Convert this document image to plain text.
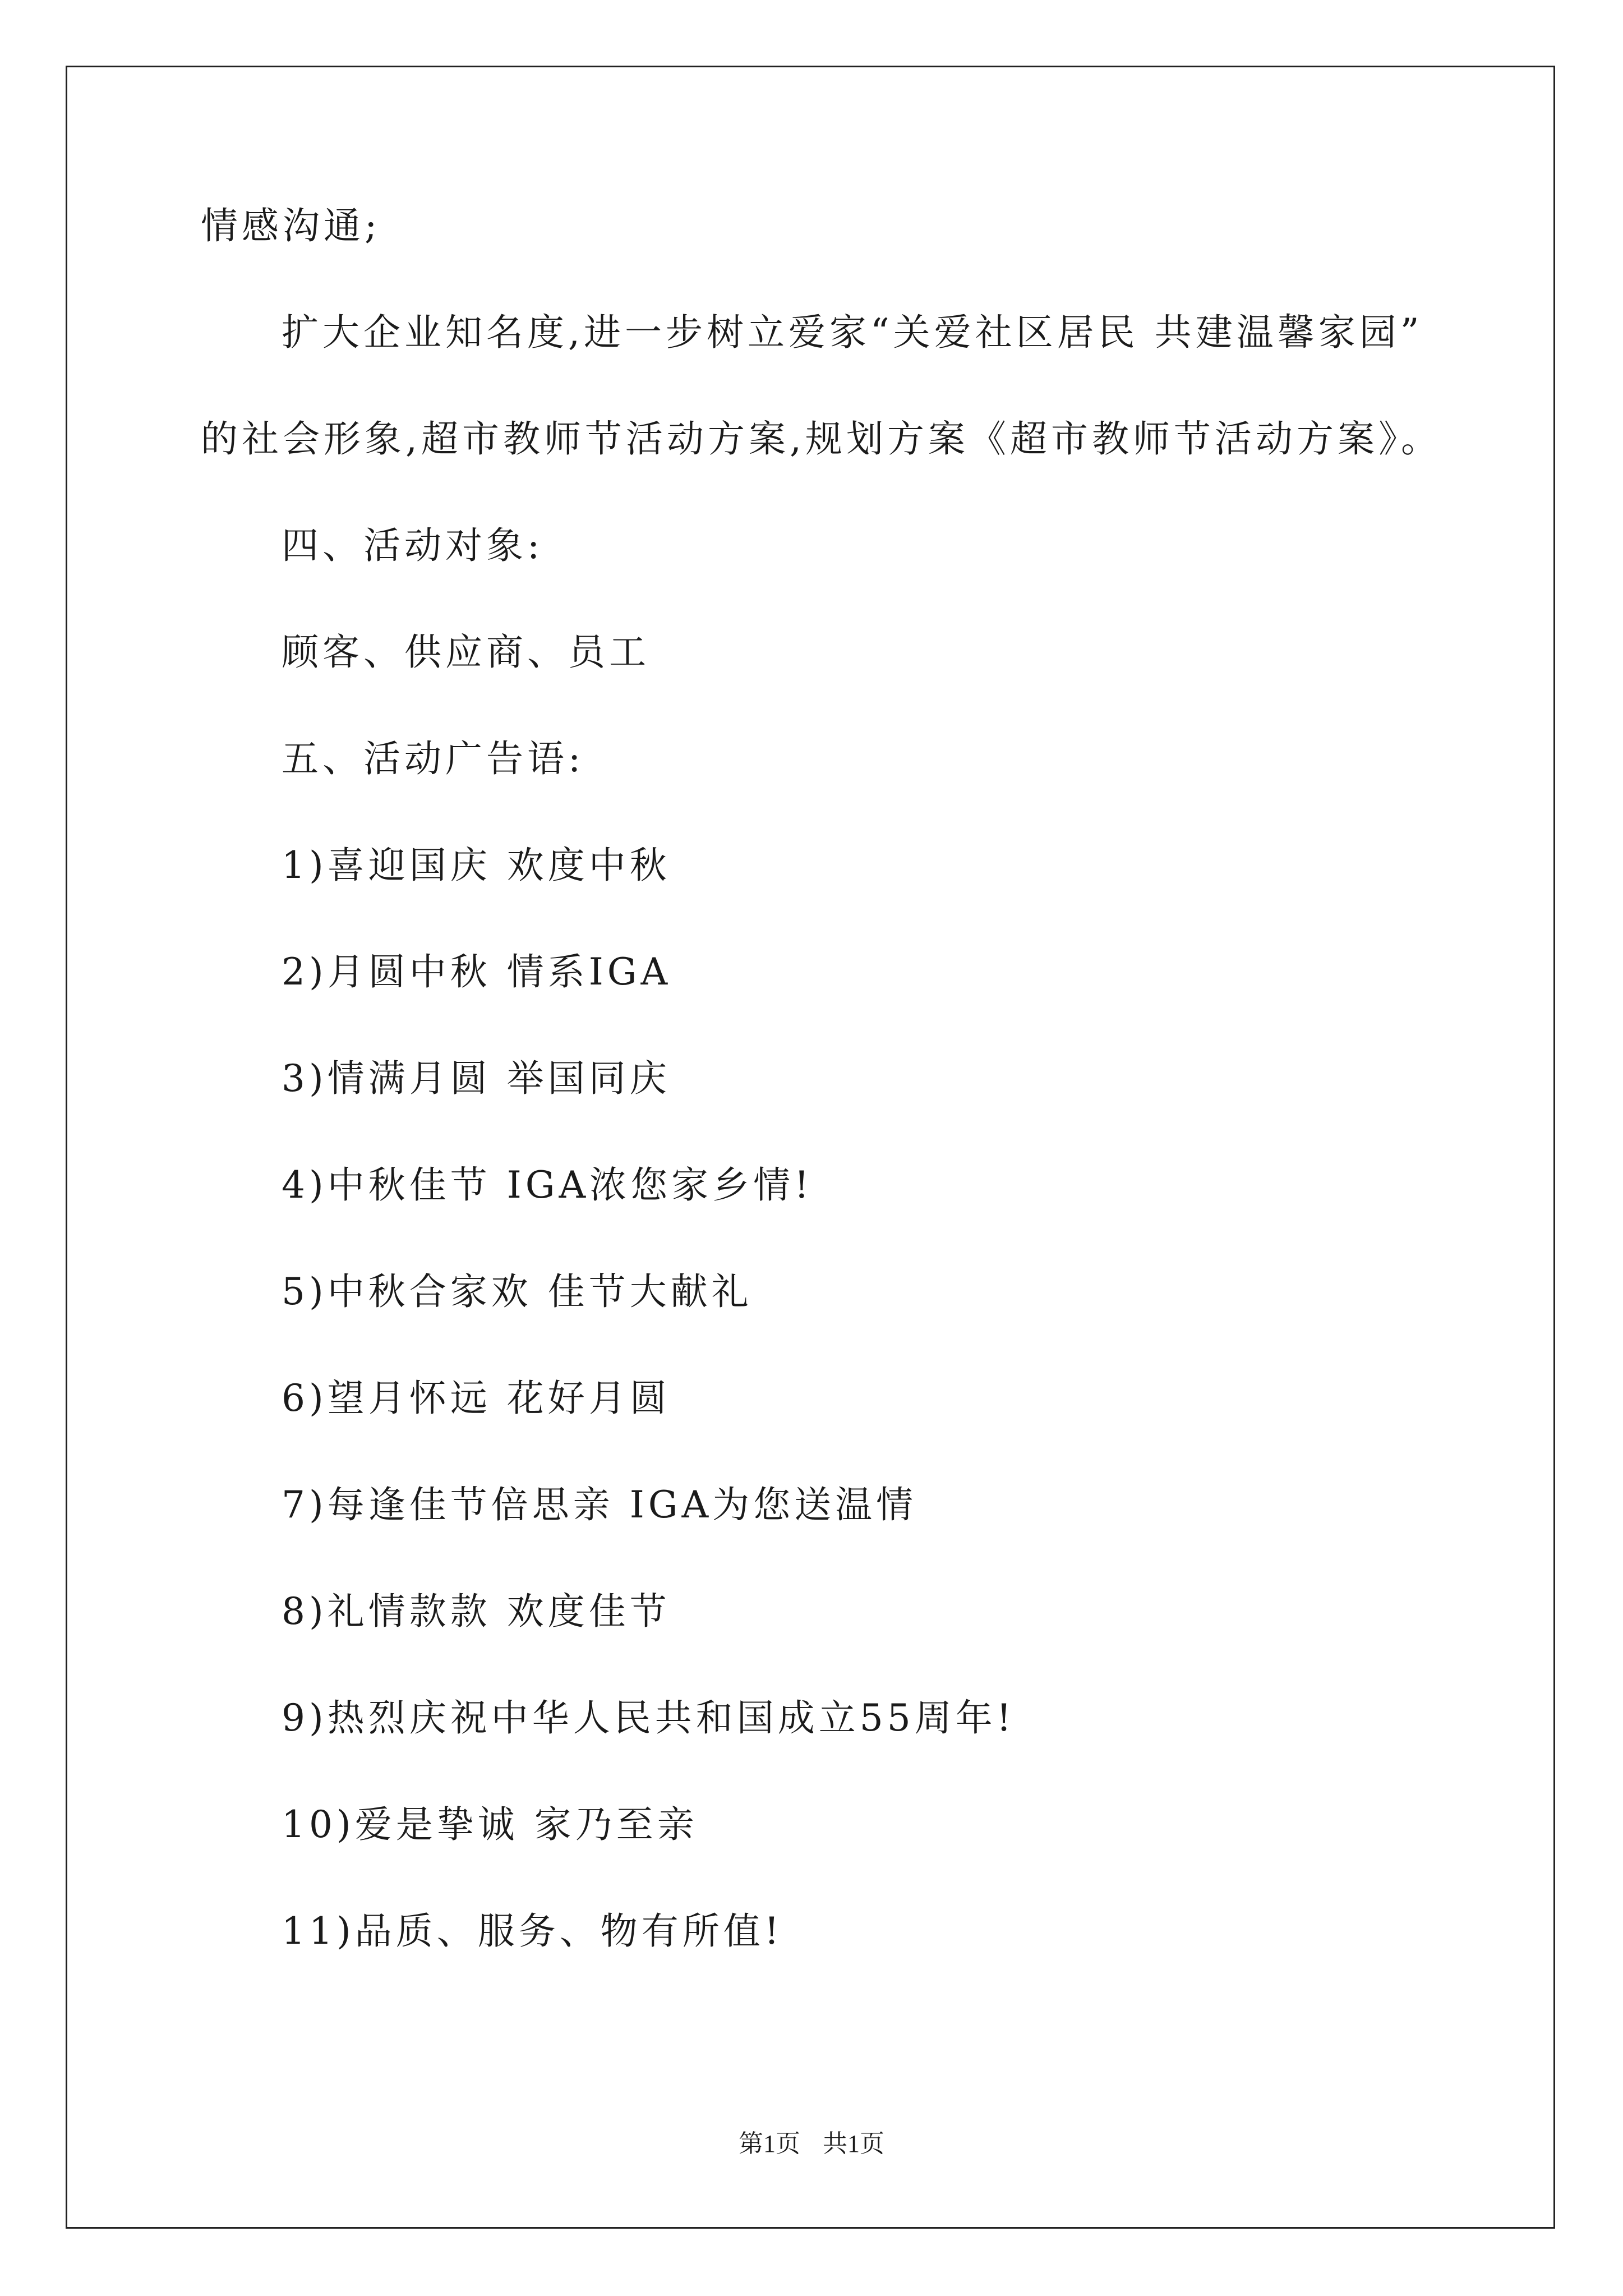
情感沟通;
扩大企业知名度,进一步树立爱家“关爱社区居民 共建温馨家园”
的社会形象,超市教师节活动方案,规划方案《超市教师节活动方案》。
四、活动对象:
顾客、供应商、员工
五、活动广告语:
1)喜迎国庆 欢度中秋
2)月圆中秋 情系IGA
3)情满月圆 举国同庆
4)中秋佳节 IGA浓您家乡情!
5)中秋合家欢 佳节大献礼
6)望月怀远 花好月圆
7)每逢佳节倍思亲 IGA为您送温情
8)礼情款款 欢度佳节
9)热烈庆祝中华人民共和国成立55周年!
10)爱是挚诚 家乃至亲
11)品质、服务、物有所值!
第1页 共1页
